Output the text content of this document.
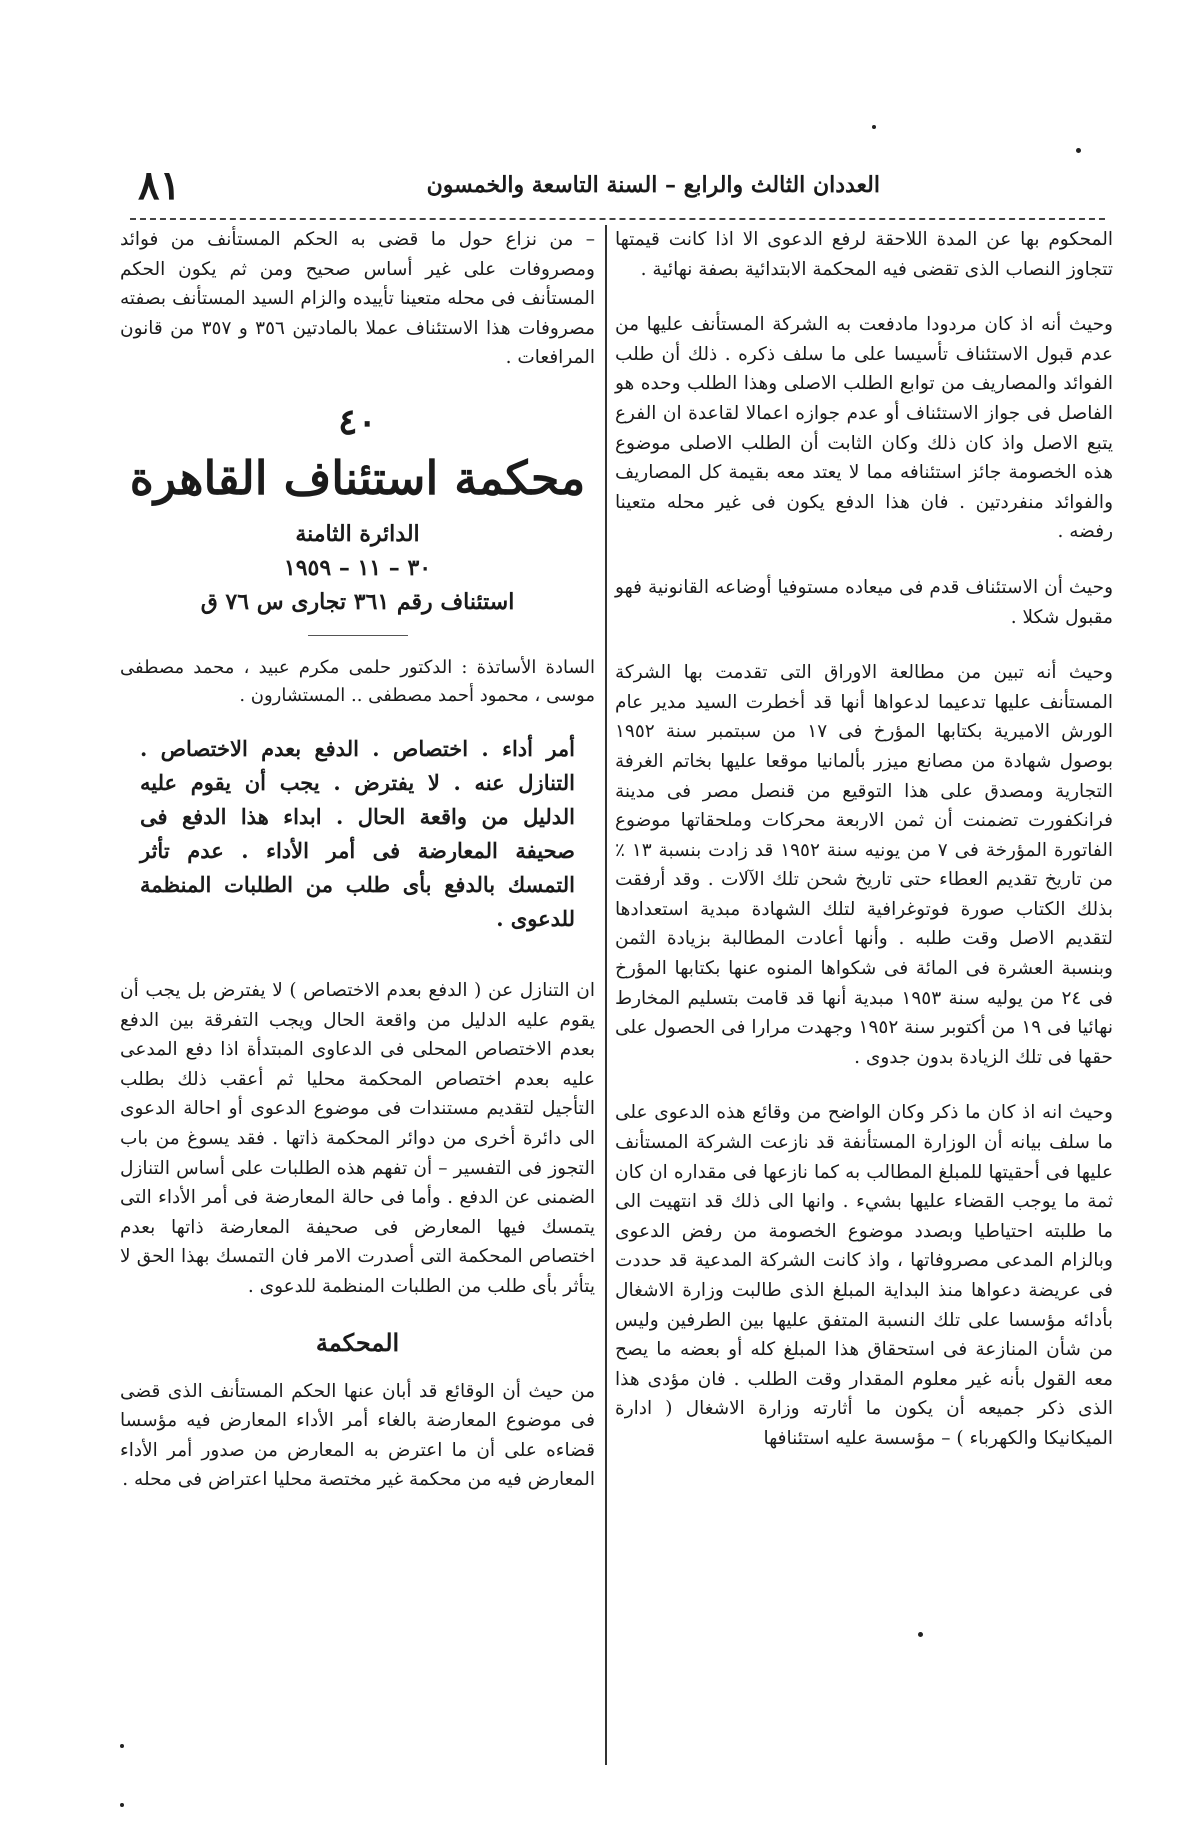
العددان الثالث والرابع – السنة التاسعة والخمسون
٨١

المحكوم بها عن المدة اللاحقة لرفع الدعوى الا اذا كانت قيمتها تتجاوز النصاب الذى تقضى فيه المحكمة الابتدائية بصفة نهائية .

وحيث أنه اذ كان مردودا مادفعت به الشركة المستأنف عليها من عدم قبول الاستئناف تأسيسا على ما سلف ذكره . ذلك أن طلب الفوائد والمصاريف من توابع الطلب الاصلى وهذا الطلب وحده هو الفاصل فى جواز الاستئناف أو عدم جوازه اعمالا لقاعدة ان الفرع يتبع الاصل واذ كان ذلك وكان الثابت أن الطلب الاصلى موضوع هذه الخصومة جائز استئنافه مما لا يعتد معه بقيمة كل المصاريف والفوائد منفردتين . فان هذا الدفع يكون فى غير محله متعينا رفضه .

وحيث أن الاستئناف قدم فى ميعاده مستوفيا أوضاعه القانونية فهو مقبول شكلا .

وحيث أنه تبين من مطالعة الاوراق التى تقدمت بها الشركة المستأنف عليها تدعيما لدعواها أنها قد أخطرت السيد مدير عام الورش الاميرية بكتابها المؤرخ فى ١٧ من سبتمبر سنة ١٩٥٢ بوصول شهادة من مصانع ميزر بألمانيا موقعا عليها بخاتم الغرفة التجارية ومصدق على هذا التوقيع من قنصل مصر فى مدينة فرانكفورت تضمنت أن ثمن الاربعة محركات وملحقاتها موضوع الفاتورة المؤرخة فى ٧ من يونيه سنة ١٩٥٢ قد زادت بنسبة ١٣ ٪ من تاريخ تقديم العطاء حتى تاريخ شحن تلك الآلات . وقد أرفقت بذلك الكتاب صورة فوتوغرافية لتلك الشهادة مبدية استعدادها لتقديم الاصل وقت طلبه . وأنها أعادت المطالبة بزيادة الثمن وبنسبة العشرة فى المائة فى شكواها المنوه عنها بكتابها المؤرخ فى ٢٤ من يوليه سنة ١٩٥٣ مبدية أنها قد قامت بتسليم المخارط نهائيا فى ١٩ من أكتوبر سنة ١٩٥٢ وجهدت مرارا فى الحصول على حقها فى تلك الزيادة بدون جدوى .

وحيث انه اذ كان ما ذكر وكان الواضح من وقائع هذه الدعوى على ما سلف بيانه أن الوزارة المستأنفة قد نازعت الشركة المستأنف عليها فى أحقيتها للمبلغ المطالب به كما نازعها فى مقداره ان كان ثمة ما يوجب القضاء عليها بشيء . وانها الى ذلك قد انتهيت الى ما طلبته احتياطيا وبصدد موضوع الخصومة من رفض الدعوى وبالزام المدعى مصروفاتها ، واذ كانت الشركة المدعية قد حددت فى عريضة دعواها منذ البداية المبلغ الذى طالبت وزارة الاشغال بأدائه مؤسسا على تلك النسبة المتفق عليها بين الطرفين وليس من شأن المنازعة فى استحقاق هذا المبلغ كله أو بعضه ما يصح معه القول بأنه غير معلوم المقدار وقت الطلب . فان مؤدى هذا الذى ذكر جميعه أن يكون ما أثارته وزارة الاشغال ( ادارة الميكانيكا والكهرباء ) – مؤسسة عليه استئنافها

– من نزاع حول ما قضى به الحكم المستأنف من فوائد ومصروفات على غير أساس صحيح ومن ثم يكون الحكم المستأنف فى محله متعينا تأييده والزام السيد المستأنف بصفته مصروفات هذا الاستئناف عملا بالمادتين ٣٥٦ و ٣٥٧ من قانون المرافعات .

٤٠
محكمة استئناف القاهرة
الدائرة الثامنة
٣٠ – ١١ – ١٩٥٩
استئناف رقم ٣٦١ تجارى س ٧٦ ق

السادة الأساتذة : الدكتور حلمى مكرم عبيد ، محمد مصطفى موسى ، محمود أحمد مصطفى .. المستشارون .

أمر أداء . اختصاص . الدفع بعدم الاختصاص . التنازل عنه . لا يفترض . يجب أن يقوم عليه الدليل من واقعة الحال . ابداء هذا الدفع فى صحيفة المعارضة فى أمر الأداء . عدم تأثر التمسك بالدفع بأى طلب من الطلبات المنظمة للدعوى .

ان التنازل عن ( الدفع بعدم الاختصاص ) لا يفترض بل يجب أن يقوم عليه الدليل من واقعة الحال ويجب التفرقة بين الدفع بعدم الاختصاص المحلى فى الدعاوى المبتدأة اذا دفع المدعى عليه بعدم اختصاص المحكمة محليا ثم أعقب ذلك بطلب التأجيل لتقديم مستندات فى موضوع الدعوى أو احالة الدعوى الى دائرة أخرى من دوائر المحكمة ذاتها . فقد يسوغ من باب التجوز فى التفسير – أن تفهم هذه الطلبات على أساس التنازل الضمنى عن الدفع . وأما فى حالة المعارضة فى أمر الأداء التى يتمسك فيها المعارض فى صحيفة المعارضة ذاتها بعدم اختصاص المحكمة التى أصدرت الامر فان التمسك بهذا الحق لا يتأثر بأى طلب من الطلبات المنظمة للدعوى .

المحكمة

من حيث أن الوقائع قد أبان عنها الحكم المستأنف الذى قضى فى موضوع المعارضة بالغاء أمر الأداء المعارض فيه مؤسسا قضاءه على أن ما اعترض به المعارض من صدور أمر الأداء المعارض فيه من محكمة غير مختصة محليا اعتراض فى محله .
